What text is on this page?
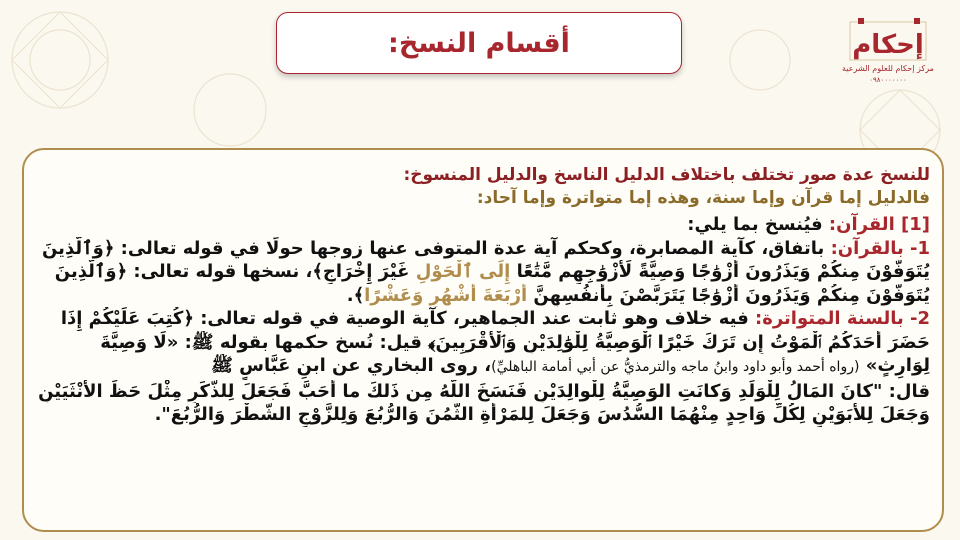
أقسام النسخ:	إحكام
مركز إحكام للعلوم الشرعية
٠٩٨٠٠٠٠٠٠٠
للنسخ عدة صور تختلف باختلاف الدليل الناسخ والدليل المنسوخ:
فالدليل إما قرآن وإما سنة، وهذه إما متواترة وإما آحاد:
[1] القرآن: فيُنسخ بما يلي:
1- بالقرآن: باتفاق، كآية المصابرة، وكحكم آية عدة المتوفى عنها زوجها حولًا في قوله تعالى: ﴿وَٱلَّذِينَ
يُتَوَفَّوْنَ مِنكُمْ وَيَذَرُونَ أَزْوَٰجًا وَصِيَّةً لِّأَزْوَٰجِهِم مَّتَٰعًا إِلَى ٱلْحَوْلِ غَيْرَ إِخْرَاجٍ﴾، نسخها قوله تعالى: ﴿وَٱلَّذِينَ
يُتَوَفَّوْنَ مِنكُمْ وَيَذَرُونَ أَزْوَٰجًا يَتَرَبَّصْنَ بِأَنفُسِهِنَّ أَرْبَعَةَ أَشْهُرٍ وَعَشْرًا﴾.
2- بالسنة المتواترة: فيه خلاف وهو ثابت عند الجماهير، كآية الوصية في قوله تعالى: ﴿كُتِبَ عَلَيْكُمْ إِذَا
حَضَرَ أَحَدَكُمُ ٱلْمَوْتُ إِن تَرَكَ خَيْرًا ٱلْوَصِيَّةُ لِلْوَٰلِدَيْنِ وَٱلْأَقْرَبِينَ﴾ قيل: نُسخ حكمها بقوله ﷺ: «لَا وَصِيَّةَ
لِوَارِثٍ» (رواه أحمد وأبو داود وابنُ ماجه والترمذيُّ عن أبي أمامة الباهليِّ)، روى البخاري عن ابنِ عَبَّاسٍ ﷺ
قال: "كانَ المَالُ لِلْوَلَدِ وَكانَتِ الوَصِيَّةُ لِلْوالِدَيْنِ فَنَسَخَ اللَّهُ مِن ذَلكَ ما أحَبَّ فَجَعَلَ لِلذَّكَرِ مِثْلَ حَظِّ الأُنْثَيَيْنِ
وَجَعَلَ لِلأَبَوَيْنِ لِكُلِّ وَاحِدٍ مِنْهُمَا السُّدُسَ وَجَعَلَ لِلمَرْأَةِ الثُّمُنَ وَالرُّبُعَ وَلِلزَّوْجِ الشَّطْرَ وَالرُّبُعَ".
